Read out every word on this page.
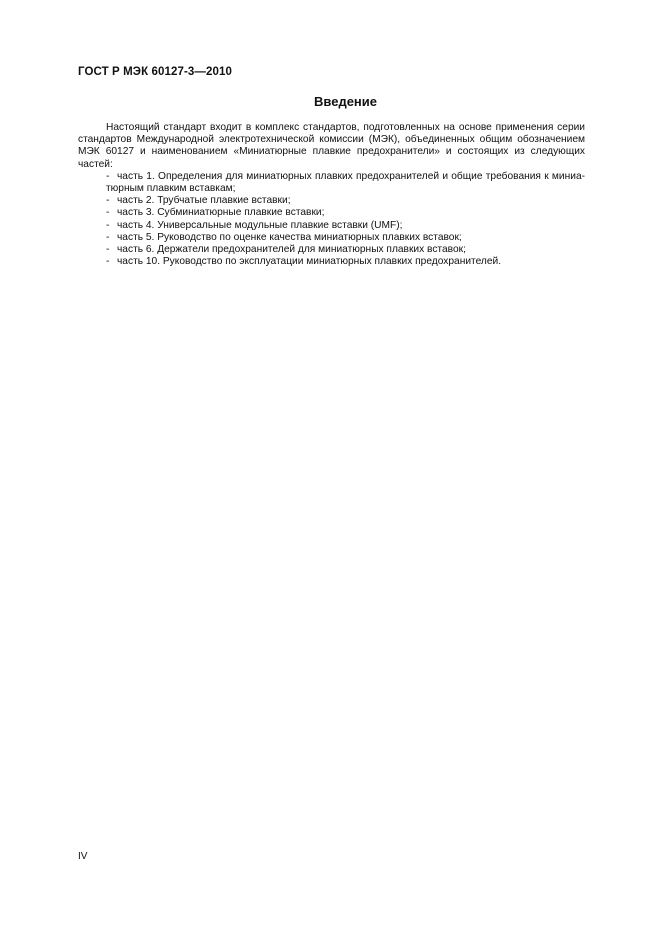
ГОСТ Р МЭК 60127-3—2010
Введение

Настоящий стандарт входит в комплекс стандартов, подготовленных на основе применения серии стандартов Международной электротехнической комиссии (МЭК), объединенных общим обозначением МЭК 60127 и наименованием «Миниатюрные плавкие предохранители» и состоящих из следующих частей:

- часть 1. Определения для миниатюрных плавких предохранителей и общие требования к миниа-тюрным плавким вставкам;
- часть 2. Трубчатые плавкие вставки;
- часть 3. Субминиатюрные плавкие вставки;
- часть 4. Универсальные модульные плавкие вставки (UMF);
- часть 5. Руководство по оценке качества миниатюрных плавких вставок;
- часть 6. Держатели предохранителей для миниатюрных плавких вставок;
- часть 10. Руководство по эксплуатации миниатюрных плавких предохранителей.
IV
